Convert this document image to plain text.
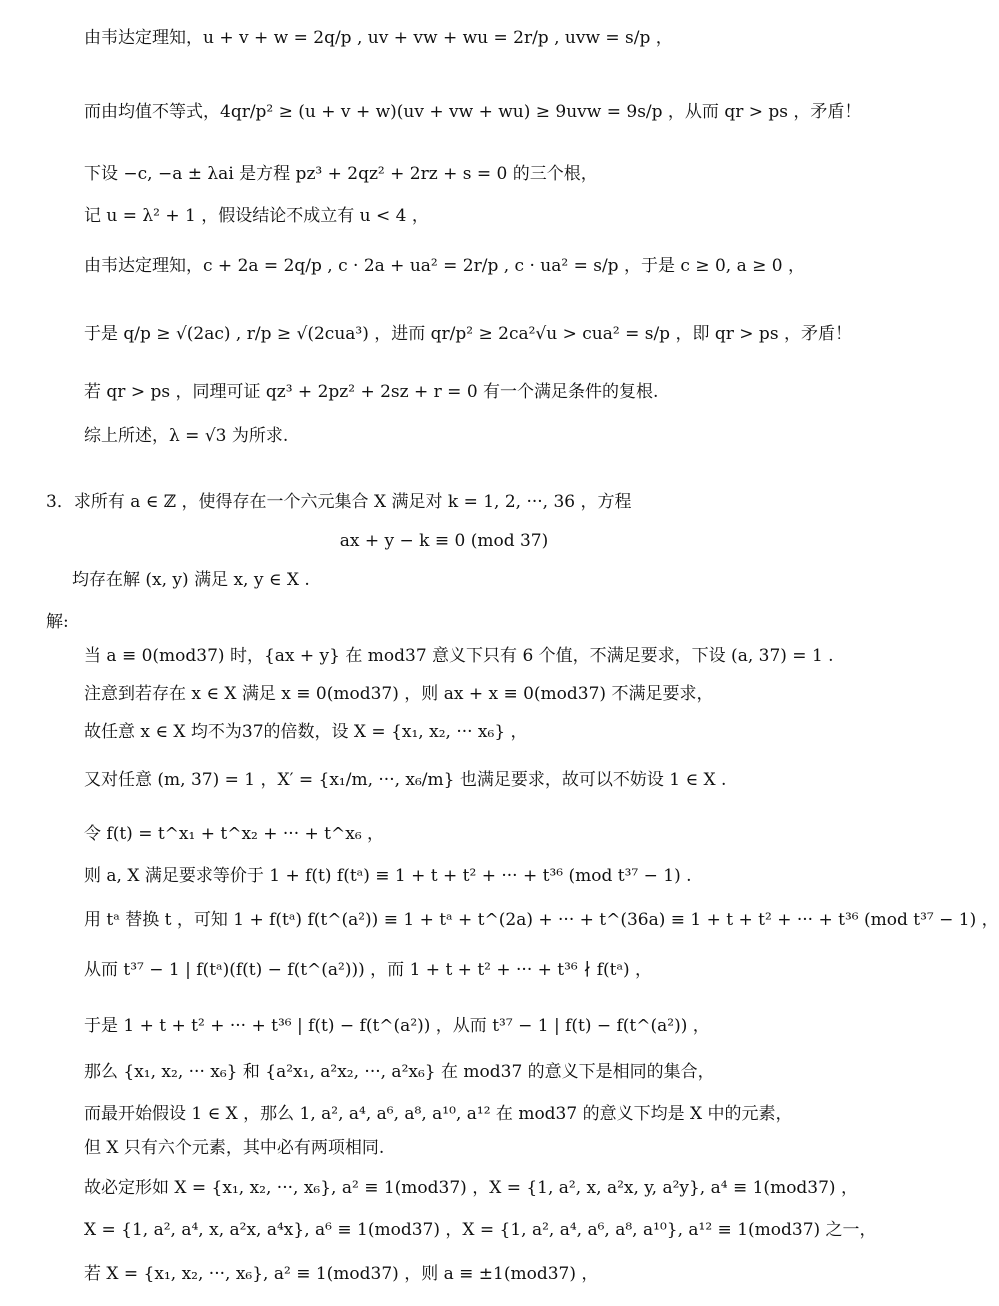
由韦达定理知，u + v + w = 2q/p , uv + vw + wu = 2r/p , uvw = s/p ，
而由均值不等式，4qr/p² ≥ (u + v + w)(uv + vw + wu) ≥ 9uvw = 9s/p ，从而 qr > ps ，矛盾！
下设 −c, −a ± λai 是方程 pz³ + 2qz² + 2rz + s = 0 的三个根，
记 u = λ² + 1 ，假设结论不成立有 u < 4 ，
由韦达定理知，c + 2a = 2q/p , c · 2a + ua² = 2r/p , c · ua² = s/p ，于是 c ≥ 0, a ≥ 0 ，
于是 q/p ≥ √(2ac) , r/p ≥ √(2cua³) ，进而 qr/p² ≥ 2ca²√u > cua² = s/p ，即 qr > ps ，矛盾！
若 qr > ps ，同理可证 qz³ + 2pz² + 2sz + r = 0 有一个满足条件的复根.
综上所述，λ = √3 为所求.
3．求所有 a ∈ ℤ ，使得存在一个六元集合 X 满足对 k = 1, 2, ···, 36 ，方程
ax + y − k ≡ 0 (mod 37)
均存在解 (x, y) 满足 x, y ∈ X .
解:
当 a ≡ 0(mod37) 时，{ax + y} 在 mod37 意义下只有 6 个值，不满足要求，下设 (a, 37) = 1 .
注意到若存在 x ∈ X 满足 x ≡ 0(mod37) ，则 ax + x ≡ 0(mod37) 不满足要求，
故任意 x ∈ X 均不为37的倍数，设 X = {x₁, x₂, ··· x₆} ，
又对任意 (m, 37) = 1 ，X′ = {x₁/m, ···, x₆/m} 也满足要求，故可以不妨设 1 ∈ X .
令 f(t) = t^x₁ + t^x₂ + ··· + t^x₆ ，
则 a, X 满足要求等价于 1 + f(t) f(tᵃ) ≡ 1 + t + t² + ··· + t³⁶ (mod t³⁷ − 1) .
用 tᵃ 替换 t ，可知 1 + f(tᵃ) f(t^(a²)) ≡ 1 + tᵃ + t^(2a) + ··· + t^(36a) ≡ 1 + t + t² + ··· + t³⁶ (mod t³⁷ − 1) ，
从而 t³⁷ − 1 | f(tᵃ)(f(t) − f(t^(a²))) ，而 1 + t + t² + ··· + t³⁶ ∤ f(tᵃ) ，
于是 1 + t + t² + ··· + t³⁶ | f(t) − f(t^(a²)) ，从而 t³⁷ − 1 | f(t) − f(t^(a²)) ，
那么 {x₁, x₂, ··· x₆} 和 {a²x₁, a²x₂, ···, a²x₆} 在 mod37 的意义下是相同的集合，
而最开始假设 1 ∈ X ，那么 1, a², a⁴, a⁶, a⁸, a¹⁰, a¹² 在 mod37 的意义下均是 X 中的元素，
但 X 只有六个元素，其中必有两项相同.
故必定形如 X = {x₁, x₂, ···, x₆}, a² ≡ 1(mod37) ，X = {1, a², x, a²x, y, a²y}, a⁴ ≡ 1(mod37) ，
X = {1, a², a⁴, x, a²x, a⁴x}, a⁶ ≡ 1(mod37) ，X = {1, a², a⁴, a⁶, a⁸, a¹⁰}, a¹² ≡ 1(mod37) 之一，
若 X = {x₁, x₂, ···, x₆}, a² ≡ 1(mod37) ，则 a ≡ ±1(mod37) ，
